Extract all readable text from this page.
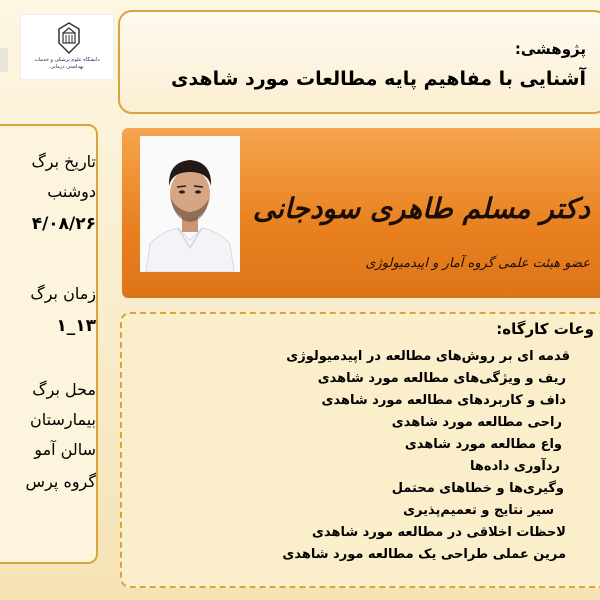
دانشگاه علوم پزشکی و خدمات بهداشتی درمانی
پژوهشی:
آشنایی با مفاهیم پایه مطالعات مورد شاهدی
تاریخ برگ
دوشنب
۴/۰۸/۲۶
زمان برگ
۱۳_۱
محل برگ
بیمارستان
سالن آمو
گروه پرس
دکتر مسلم طاهری سودجانی
عضو هیئت علمی گروه آمار و اپیدمیولوژی
وعات کارگاه:
قدمه ای بر روش‌های مطالعه در اپیدمیولوژی
ریف و ویژگی‌های مطالعه مورد شاهدی
داف و کاربردهای مطالعه مورد شاهدی
راحی مطالعه مورد شاهدی
واع مطالعه مورد شاهدی
ردآوری داده‌ها
وگیری‌ها و خطاهای محتمل
سیر نتایج و تعمیم‌پذیری
لاحظات اخلاقی در مطالعه مورد شاهدی
مرین عملی طراحی یک مطالعه مورد شاهدی
